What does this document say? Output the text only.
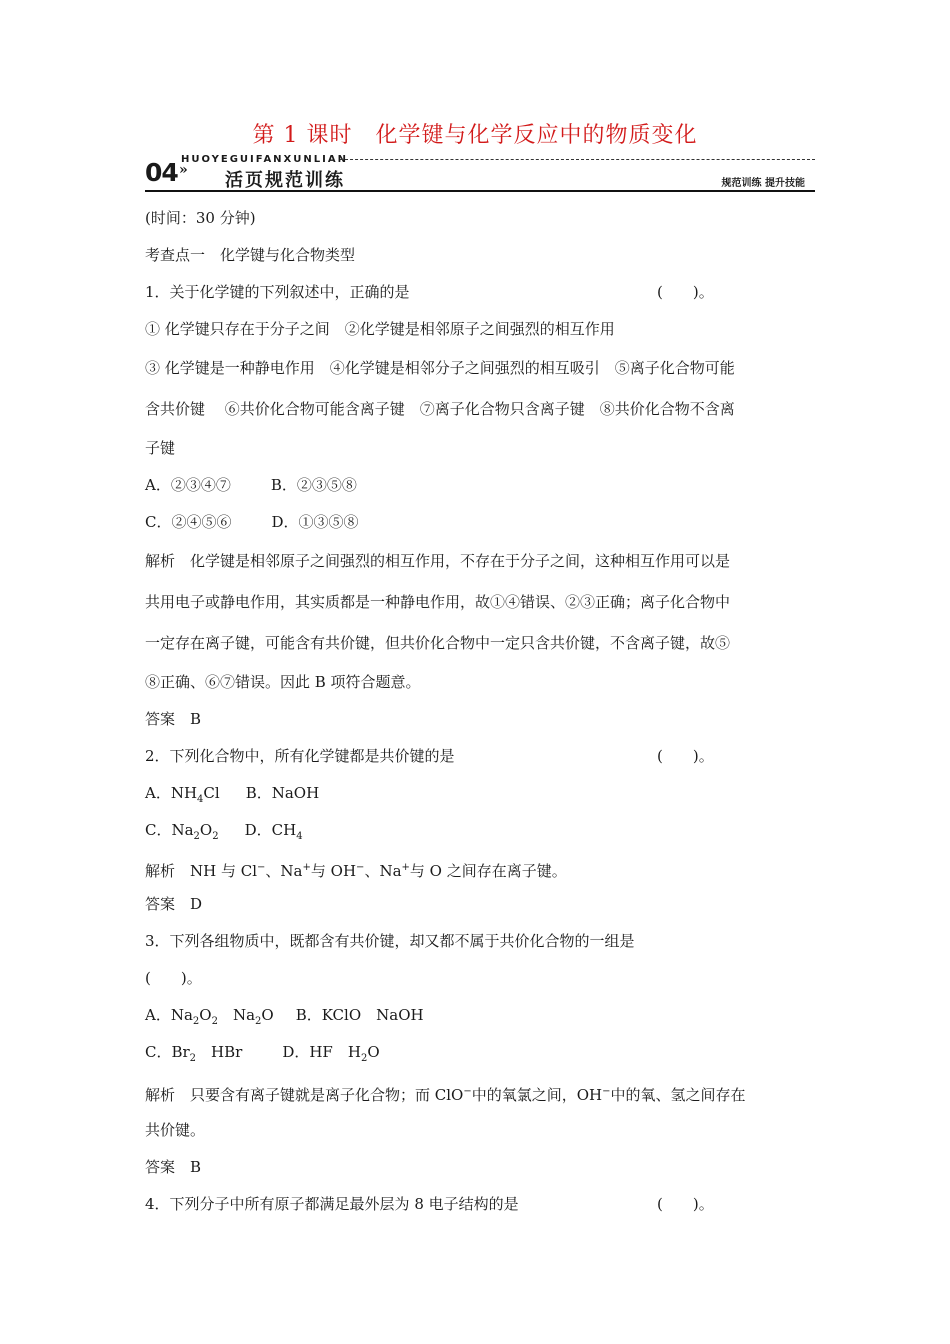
第 1 课时　化学键与化学反应中的物质变化
04 »
HUOYEGUIFANXUNLIAN
活页规范训练	规范训练 提升技能
(时间：30 分钟)
考查点一　化学键与化合物类型
1．关于化学键的下列叙述中，正确的是	(　　)。
① 化学键只存在于分子之间　②化学键是相邻原子之间强烈的相互作用
③ 化学键是一种静电作用　④化学键是相邻分子之间强烈的相互吸引　⑤离子化合物可能
含共价键　 ⑥共价化合物可能含离子键　⑦离子化合物只含离子键　⑧共价化合物不含离
子键
A．②③④⑦	B．②③⑤⑧
C．②④⑤⑥	D．①③⑤⑧
解析　化学键是相邻原子之间强烈的相互作用，不存在于分子之间，这种相互作用可以是
共用电子或静电作用，其实质都是一种静电作用，故①④错误、②③正确；离子化合物中
一定存在离子键，可能含有共价键，但共价化合物中一定只含共价键，不含离子键，故⑤
⑧正确、⑥⑦错误。因此 B 项符合题意。
答案　B
2．下列化合物中，所有化学键都是共价键的是	(　　)。
A．$NH_4Cl$ B．NaOH
C．$Na_2O_2$ D．$CH_4$
解析　NH 与 Cl−、Na+与 OH−、Na+与 O 之间存在离子键。
答案　D
3．下列各组物质中，既都含有共价键，却又都不属于共价化合物的一组是
(　　)。
A．$Na_2O_2$　$Na_2O$ B．KClO　NaOH
C．$Br_2$　HBr	D．HF　$H_2O$
解析　只要含有离子键就是离子化合物；而 ClO−中的氧氯之间，OH−中的氧、氢之间存在
共价键。
答案　B
4．下列分子中所有原子都满足最外层为 8 电子结构的是	(　　)。
